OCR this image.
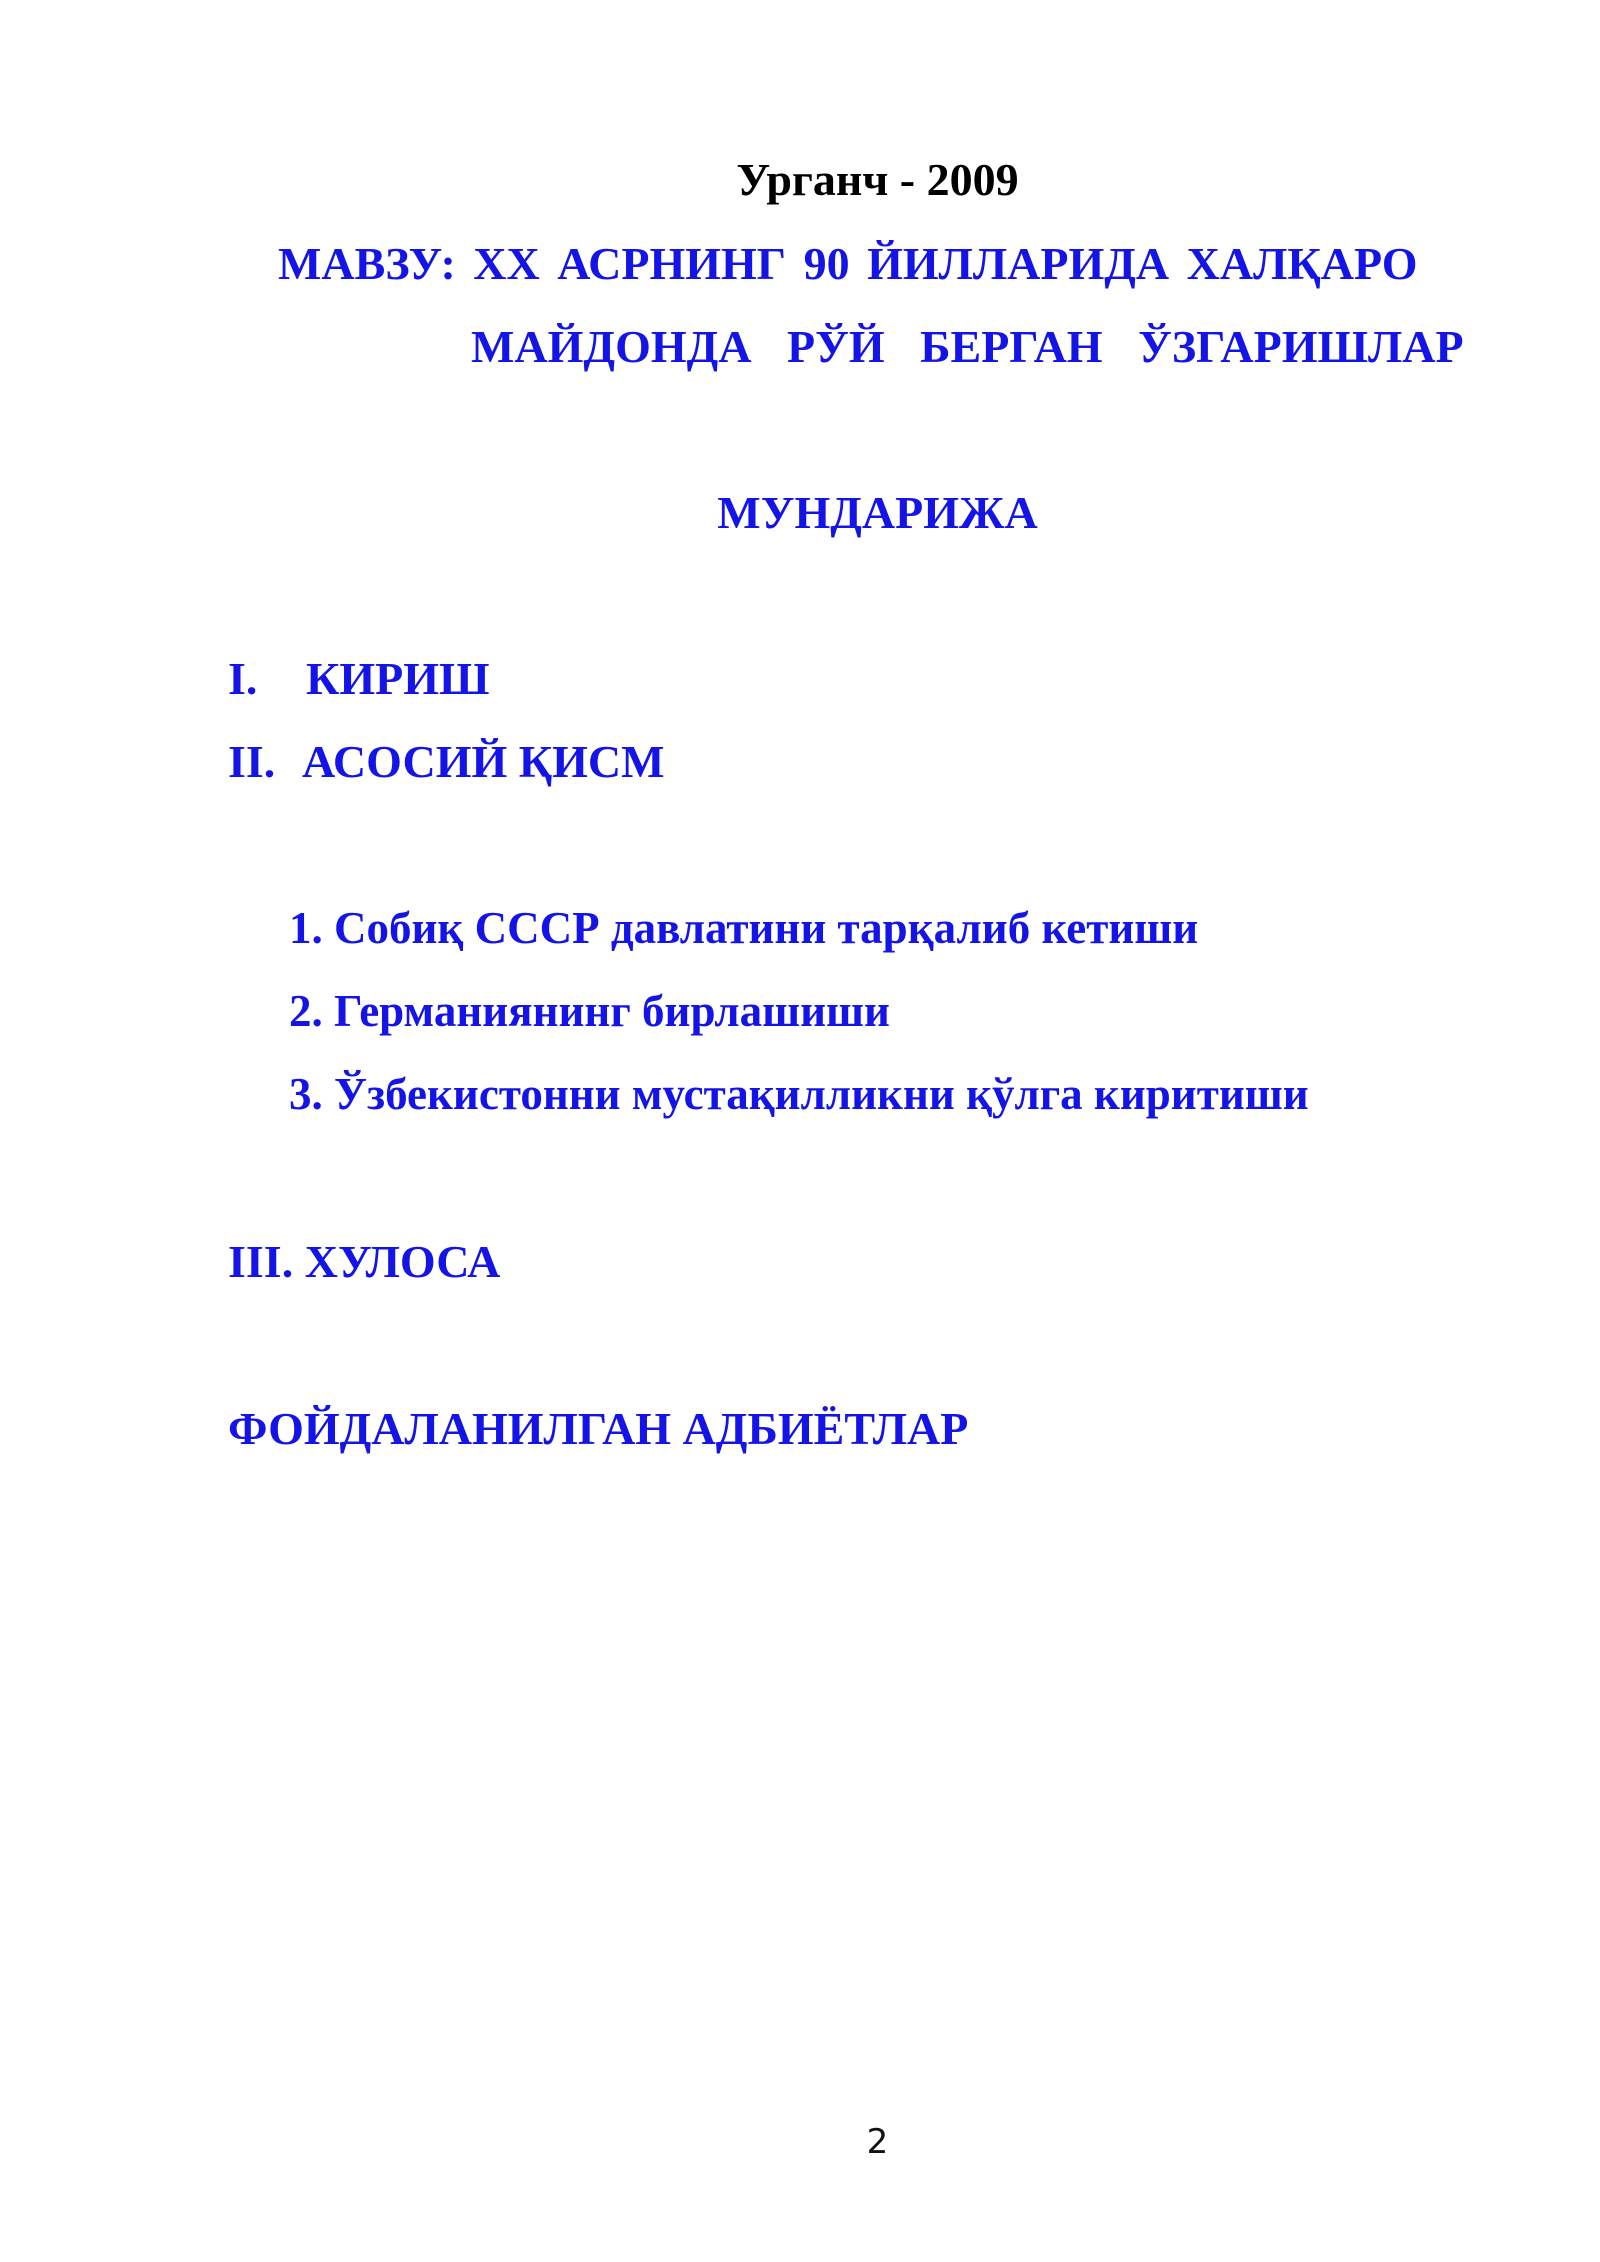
Урганч - 2009
МАВЗУ: XX АСРНИНГ 90 ЙИЛЛАРИДА ХАЛҚАРО
МАЙДОНДА РЎЙ БЕРГАН ЎЗГАРИШЛАР
МУНДАРИЖА
I. КИРИШ
II. АСОСИЙ ҚИСМ
1. Собиқ СССР давлатини тарқалиб кетиши
2. Германиянинг бирлашиши
3. Ўзбекистонни мустақилликни қўлга киритиши
III. ХУЛОСА
ФОЙДАЛАНИЛГАН АДБИЁТЛАР
2
